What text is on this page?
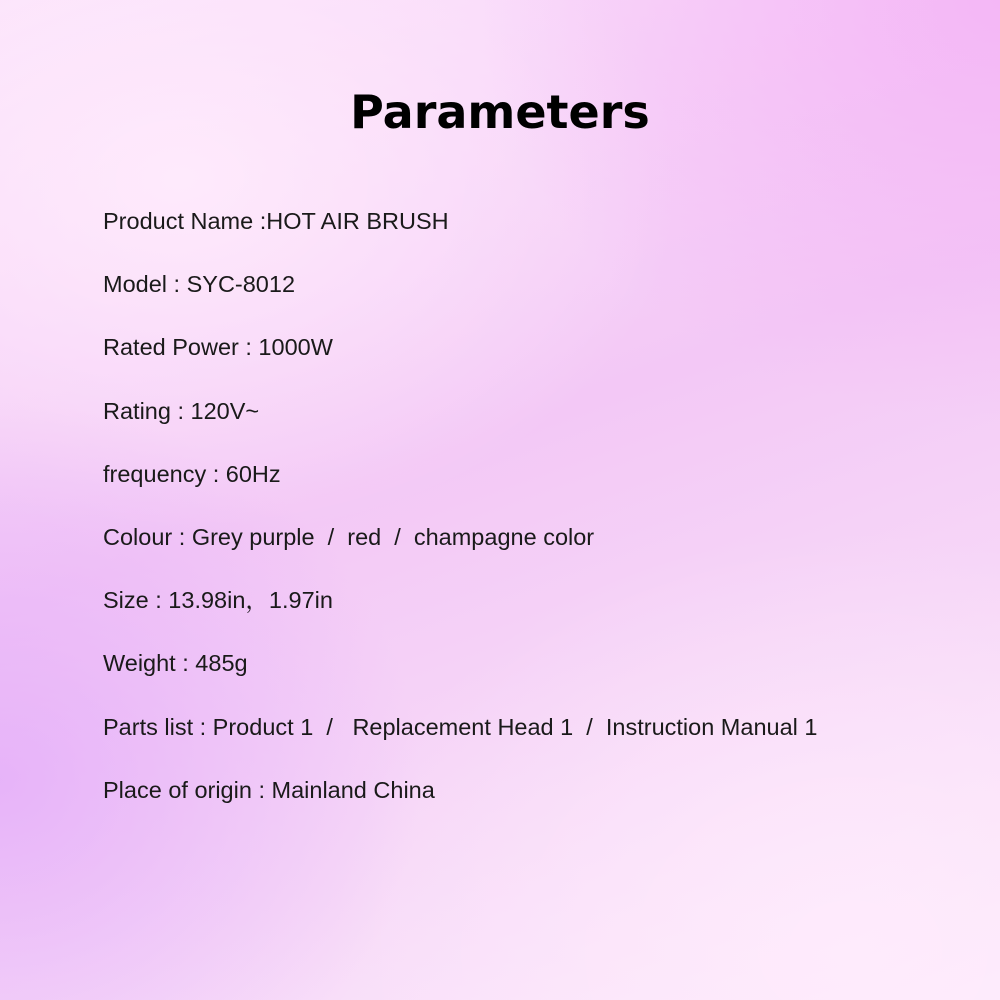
Parameters
Product Name :HOT AIR BRUSH
Model : SYC-8012
Rated Power : 1000W
Rating : 120V~
frequency : 60Hz
Colour : Grey purple  /  red  /  champagne color
Size : 13.98in，1.97in
Weight : 485g
Parts list : Product 1  /   Replacement Head 1  /  Instruction Manual 1
Place of origin : Mainland China
